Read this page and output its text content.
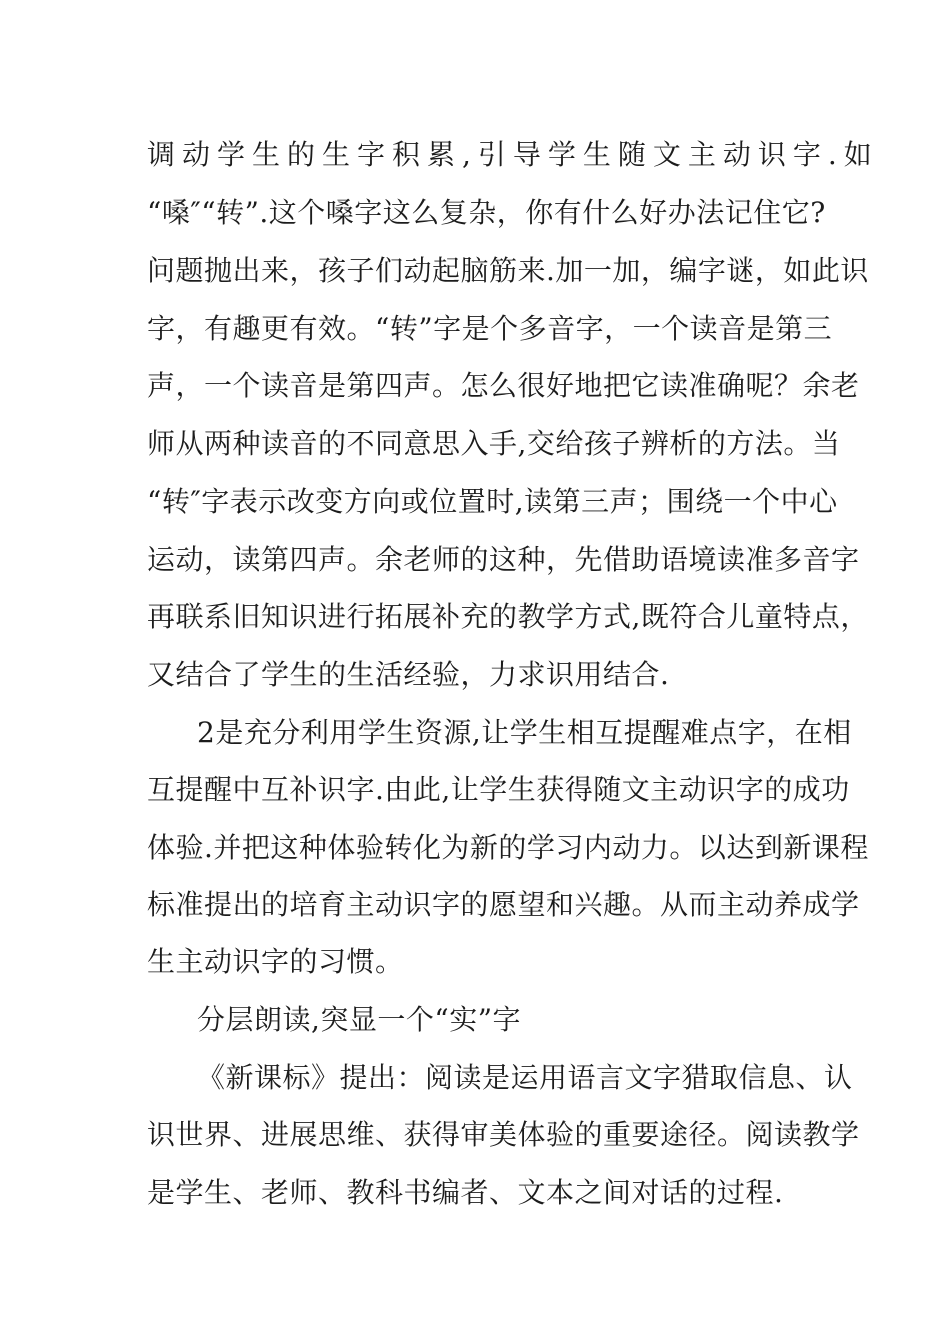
调动学生的生字积累,引导学生随文主动识字.如
“嗓″“转”.这个嗓字这么复杂，你有什么好办法记住它?
问题抛出来，孩子们动起脑筋来.加一加，编字谜，如此识
字，有趣更有效。“转”字是个多音字，一个读音是第三
声，一个读音是第四声。怎么很好地把它读准确呢？余老
师从两种读音的不同意思入手,交给孩子辨析的方法。当
“转″字表示改变方向或位置时,读第三声；围绕一个中心
运动，读第四声。余老师的这种，先借助语境读准多音字
再联系旧知识进行拓展补充的教学方式,既符合儿童特点，
又结合了学生的生活经验，力求识用结合.
2是充分利用学生资源,让学生相互提醒难点字，在相
互提醒中互补识字.由此,让学生获得随文主动识字的成功
体验.并把这种体验转化为新的学习内动力。以达到新课程
标准提出的培育主动识字的愿望和兴趣。从而主动养成学
生主动识字的习惯。
分层朗读,突显一个“实”字
《新课标》提出：阅读是运用语言文字猎取信息、认
识世界、进展思维、获得审美体验的重要途径。阅读教学
是学生、老师、教科书编者、文本之间对话的过程.
